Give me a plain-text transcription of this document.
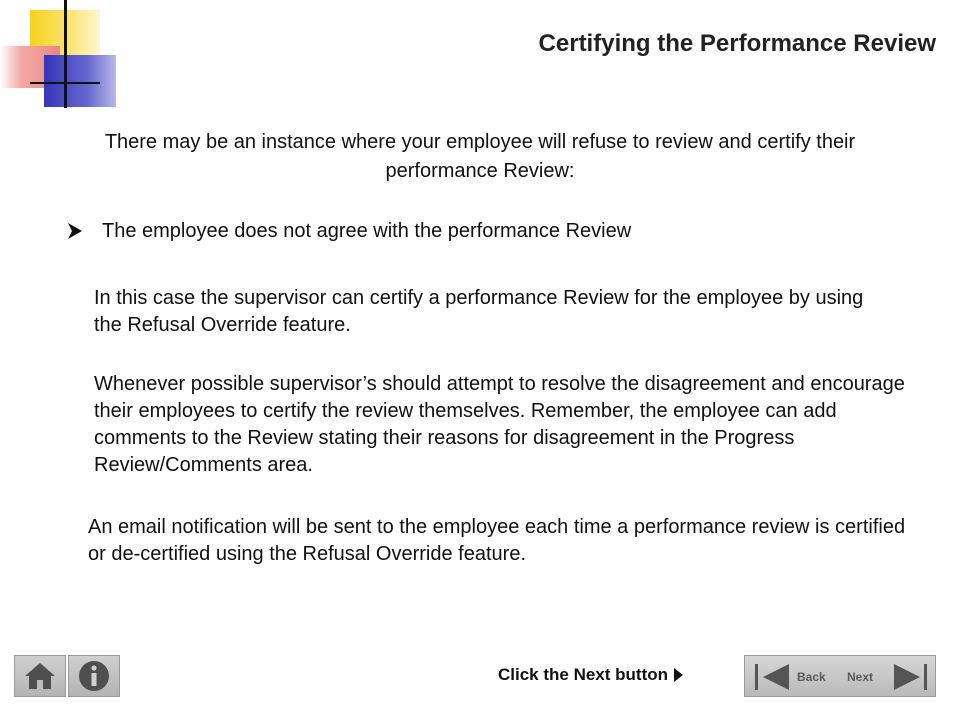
Certifying the Performance Review

There may be an instance where your employee will refuse to review and certify their performance Review:

The employee does not agree with the performance Review

In this case the supervisor can certify a performance Review for the employee by using the Refusal Override feature.

Whenever possible supervisor’s should attempt to resolve the disagreement and encourage their employees to certify the review themselves. Remember, the employee can add comments to the Review stating their reasons for disagreement in the Progress Review/Comments area.

An email notification will be sent to the employee each time a performance review is certified or de-certified using the Refusal Override feature.

Click the Next button	Back Next
